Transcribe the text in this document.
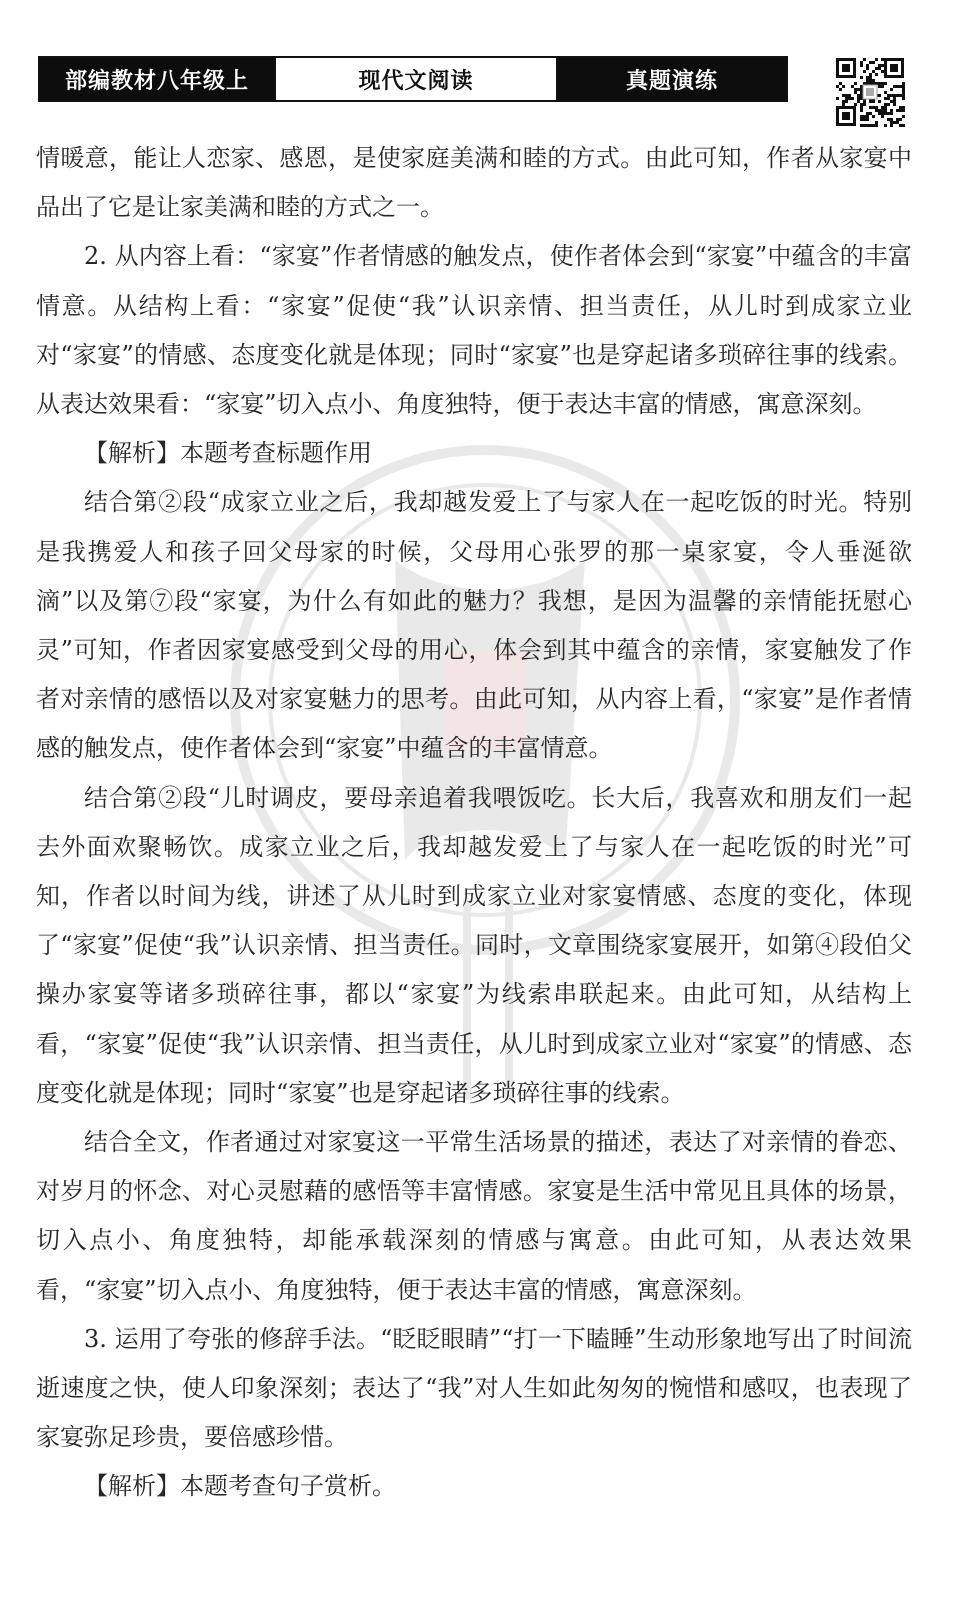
部编教材八年级上	现代文阅读	真题演练

情暖意，能让人恋家、感恩，是使家庭美满和睦的方式。由此可知，作者从家宴中品出了它是让家美满和睦的方式之一。

2. 从内容上看：“家宴”作者情感的触发点，使作者体会到“家宴”中蕴含的丰富情意。从结构上看：“家宴”促使“我”认识亲情、担当责任，从儿时到成家立业对“家宴”的情感、态度变化就是体现；同时“家宴”也是穿起诸多琐碎往事的线索。从表达效果看：“家宴”切入点小、角度独特，便于表达丰富的情感，寓意深刻。

【解析】本题考查标题作用

结合第②段“成家立业之后，我却越发爱上了与家人在一起吃饭的时光。特别是我携爱人和孩子回父母家的时候，父母用心张罗的那一桌家宴，令人垂涎欲滴”以及第⑦段“家宴，为什么有如此的魅力？我想，是因为温馨的亲情能抚慰心灵”可知，作者因家宴感受到父母的用心，体会到其中蕴含的亲情，家宴触发了作者对亲情的感悟以及对家宴魅力的思考。由此可知，从内容上看，“家宴”是作者情感的触发点，使作者体会到“家宴”中蕴含的丰富情意。

结合第②段“儿时调皮，要母亲追着我喂饭吃。长大后，我喜欢和朋友们一起去外面欢聚畅饮。成家立业之后，我却越发爱上了与家人在一起吃饭的时光”可知，作者以时间为线，讲述了从儿时到成家立业对家宴情感、态度的变化，体现了“家宴”促使“我”认识亲情、担当责任。同时，文章围绕家宴展开，如第④段伯父操办家宴等诸多琐碎往事，都以“家宴”为线索串联起来。由此可知，从结构上看，“家宴”促使“我”认识亲情、担当责任，从儿时到成家立业对“家宴”的情感、态度变化就是体现；同时“家宴”也是穿起诸多琐碎往事的线索。

结合全文，作者通过对家宴这一平常生活场景的描述，表达了对亲情的眷恋、对岁月的怀念、对心灵慰藉的感悟等丰富情感。家宴是生活中常见且具体的场景，切入点小、角度独特，却能承载深刻的情感与寓意。由此可知，从表达效果看，“家宴”切入点小、角度独特，便于表达丰富的情感，寓意深刻。

3. 运用了夸张的修辞手法。“眨眨眼睛”“打一下瞌睡”生动形象地写出了时间流逝速度之快，使人印象深刻；表达了“我”对人生如此匆匆的惋惜和感叹，也表现了家宴弥足珍贵，要倍感珍惜。

【解析】本题考查句子赏析。
